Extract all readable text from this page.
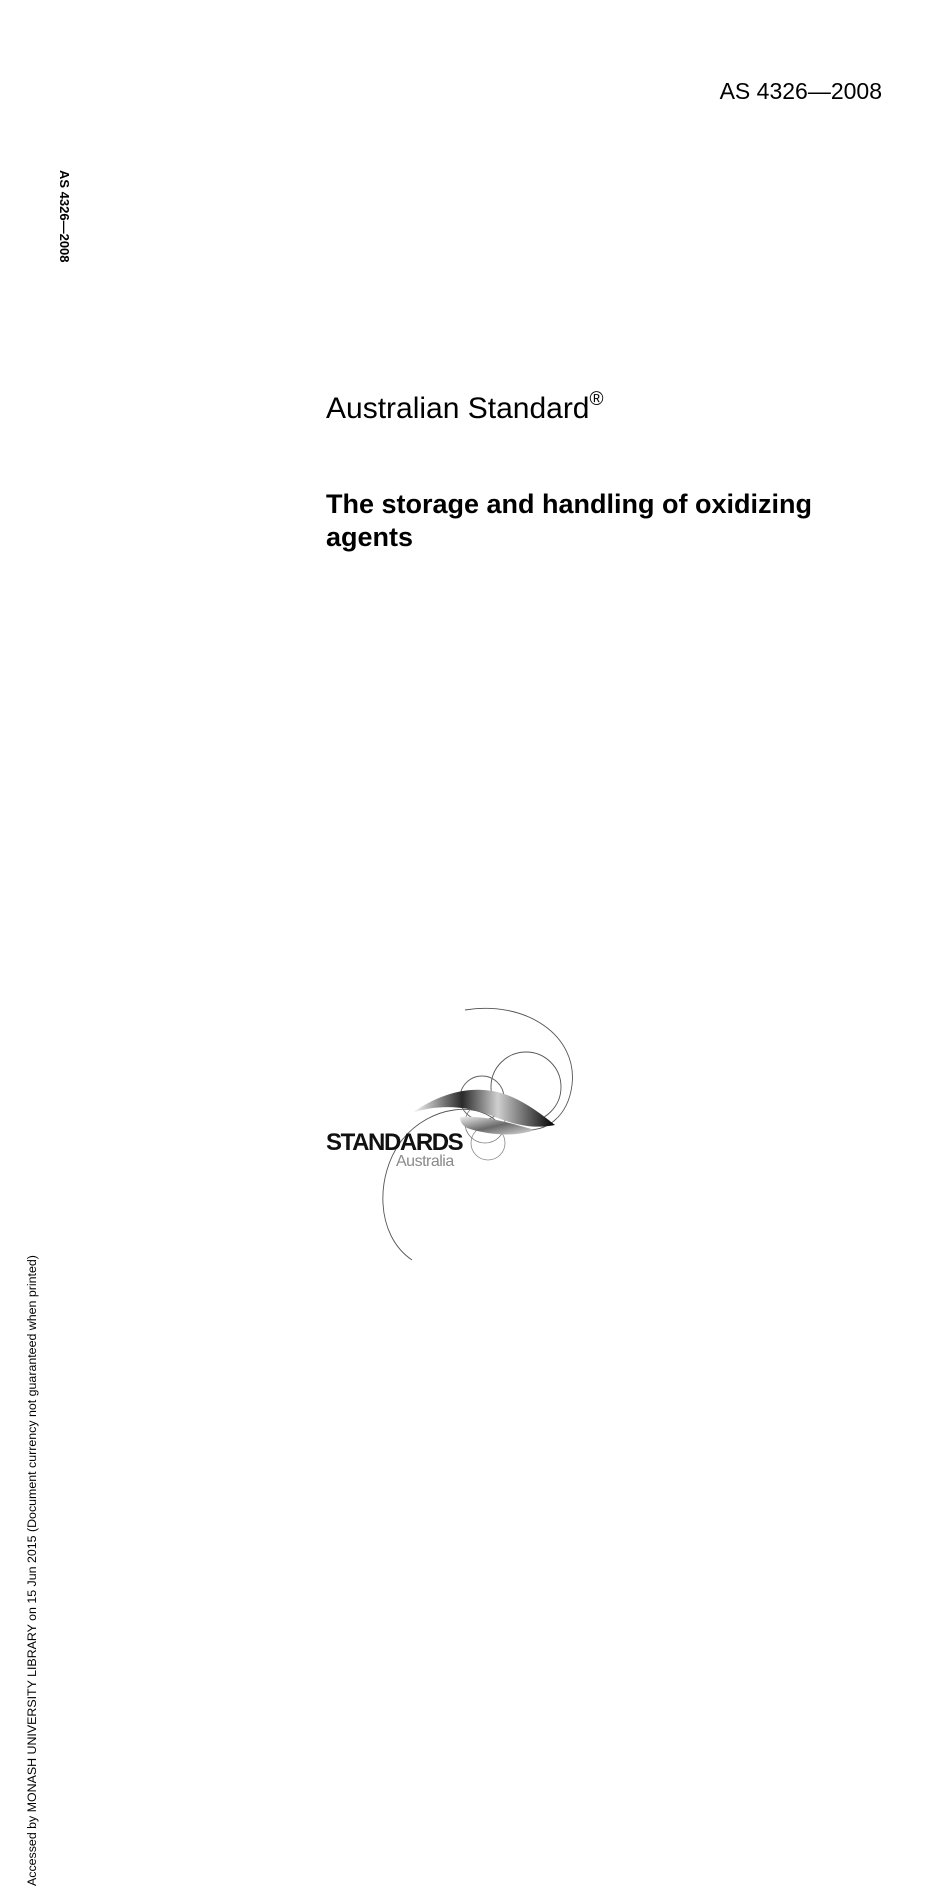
AS 4326—2008
AS 4326—2008
Accessed by MONASH UNIVERSITY LIBRARY on 15 Jun 2015 (Document currency not guaranteed when printed)
Australian Standard®
The storage and handling of oxidizing agents
STANDARDS
Australia
